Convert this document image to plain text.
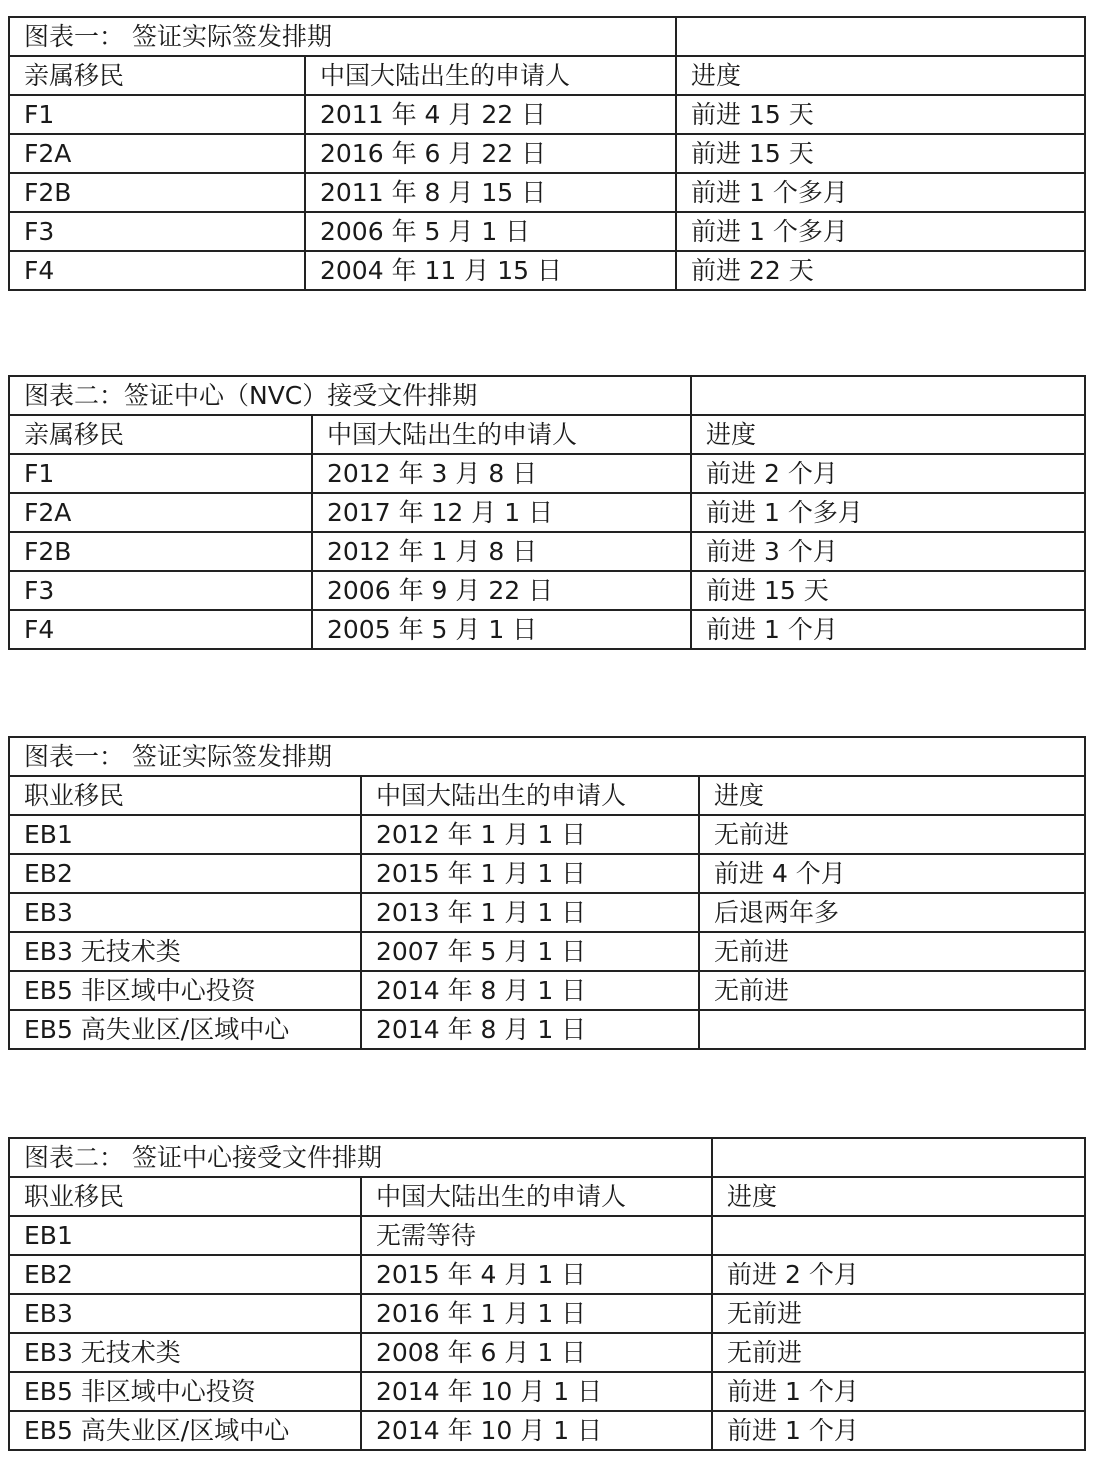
图表一： 签证实际签发排期		
亲属移民	中国大陆出生的申请人	进度
F1	2011 年 4 月 22 日	前进 15 天
F2A	2016 年 6 月 22 日	前进 15 天
F2B	2011 年 8 月 15 日	前进 1 个多月
F3	2006 年 5 月 1 日	前进 1 个多月
F4	2004 年 11 月 15 日	前进 22 天
图表二：签证中心（NVC）接受文件排期		
亲属移民	中国大陆出生的申请人	进度
F1	2012 年 3 月 8 日	前进 2 个月
F2A	2017 年 12 月 1 日	前进 1 个多月
F2B	2012 年 1 月 8 日	前进 3 个月
F3	2006 年 9 月 22 日	前进 15 天
F4	2005 年 5 月 1 日	前进 1 个月
图表一： 签证实际签发排期		
职业移民	中国大陆出生的申请人	进度
EB1	2012 年 1 月 1 日	无前进
EB2	2015 年 1 月 1 日	前进 4 个月
EB3	2013 年 1 月 1 日	后退两年多
EB3 无技术类	2007 年 5 月 1 日	无前进
EB5 非区域中心投资	2014 年 8 月 1 日	无前进
EB5 高失业区/区域中心	2014 年 8 月 1 日	
图表二： 签证中心接受文件排期		
职业移民	中国大陆出生的申请人	进度
EB1	无需等待	
EB2	2015 年 4 月 1 日	前进 2 个月
EB3	2016 年 1 月 1 日	无前进
EB3 无技术类	2008 年 6 月 1 日	无前进
EB5 非区域中心投资	2014 年 10 月 1 日	前进 1 个月
EB5 高失业区/区域中心	2014 年 10 月 1 日	前进 1 个月
